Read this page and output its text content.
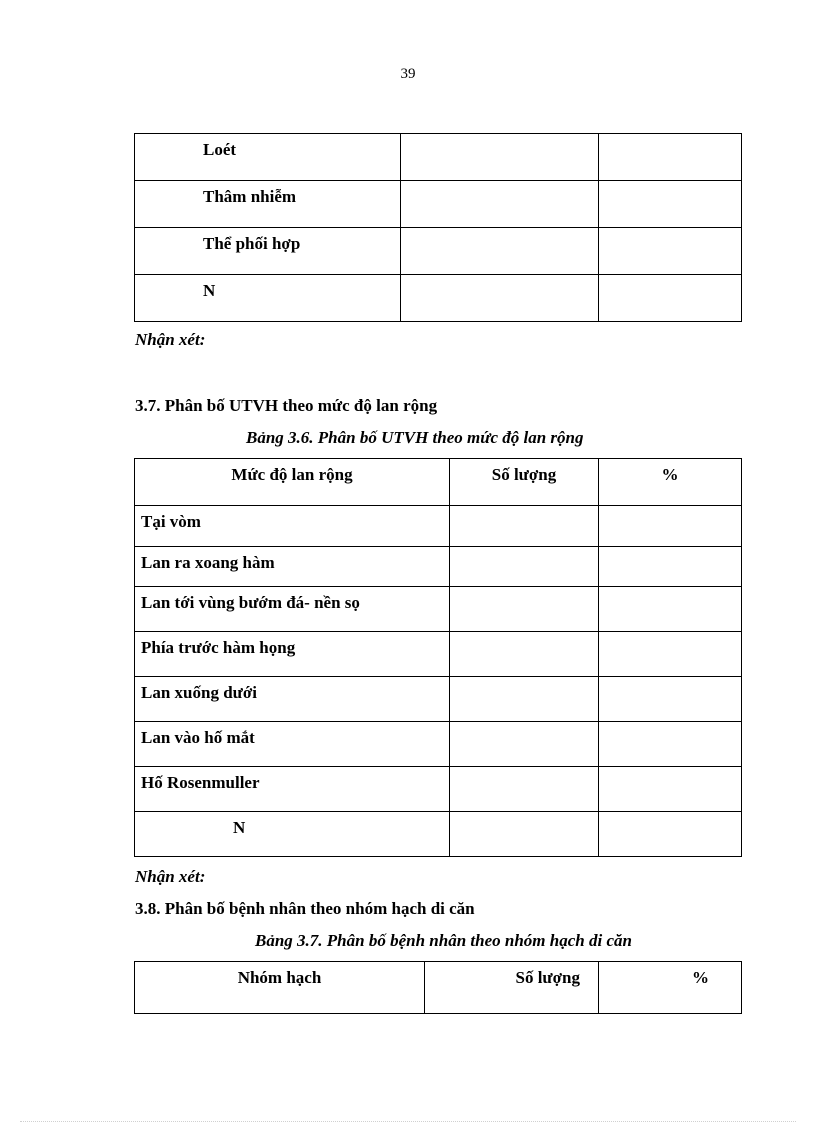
39
Loét		
Thâm nhiễm		
Thể phối hợp		
N		
Nhận xét:
3.7. Phân bố UTVH theo mức độ lan rộng
Bảng 3.6. Phân bố UTVH theo mức độ lan rộng
Mức độ lan rộng	Số lượng	%
Tại vòm		
Lan ra xoang hàm		
Lan tới vùng bướm đá- nền sọ		
Phía trước hàm họng		
Lan xuống dưới		
Lan vào hố mắt		
Hố Rosenmuller		
N		
Nhận xét:
3.8. Phân bố bệnh nhân theo nhóm hạch di căn
Bảng 3.7. Phân bố bệnh nhân theo nhóm hạch di căn
Nhóm hạch	Số lượng	%
